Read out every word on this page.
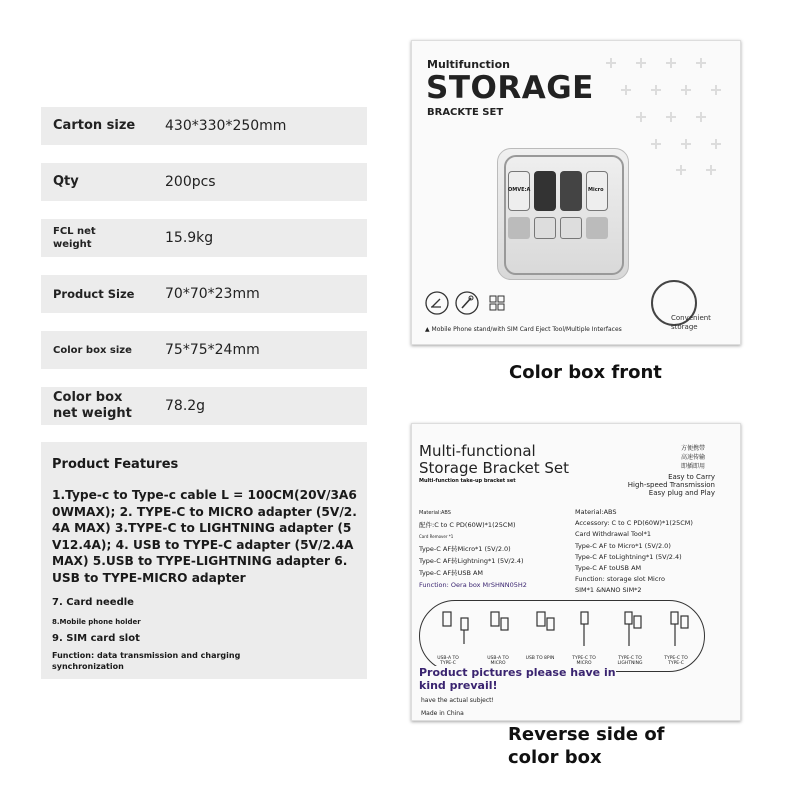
Carton size 430*330*250mm
Qty	200pcs
FCL net weight	15.9kg
Product Size 70*70*23mm
Color box size 75*75*24mm
Color box net weight	78.2g
Product Features
1.Type-c to Type-c cable L = 100CM(20V/3A60WMAX); 2. TYPE-C to MICRO adapter (5V/2.4A MAX) 3.TYPE-C to LIGHTNING adapter (5V12.4A); 4. USB to TYPE-C adapter (5V/2.4A MAX) 5.USB to TYPE-LIGHTNING adapter 6. USB to TYPE-MICRO adapter
7. Card needle
8.Mobile phone holder
9. SIM card slot
Function: data transmission and charging synchronization
Multifunction
STORAGE
BRACKTE SET
OMVE:A	Micro
Convenient storage
▲ Mobile Phone stand/with SIM Card Eject Tool/Multiple Interfaces
Color box front
Multi-functional
Storage Bracket Set
Multi-function take-up bracket set
方便携带
高速传输
即插即用
Easy to Carry
High-speed Transmission
Easy plug and Play
Material:ABS
配件:C to C PD(60W)*1(25CM)
Card Remover *1
Type-C AF转Micro*1 (5V/2.0)
Type-C AF转Lightning*1 (5V/2.4)
Type-C AF转USB AM
Function: Oera box MrSHNN05H2
Material:ABS
Accessory: C to C PD(60W)*1(25CM)
Card Withdrawal Tool*1
Type-C AF to Micro*1 (5V/2.0)
Type-C AF toLightning*1 (5V/2.4)
Type-C AF toUSB AM
Function: storage slot Micro
SIM*1 &NANO SIM*2
USB-A TO TYPE-C
USB-A TO MICRO
USB TO 8PIN	TYPE-C TO MICRO
TYPE-C TO LIGHTNING
TYPE-C TO TYPE-C
Product pictures please have in
kind prevail!
have the actual subject!
Made in China
Reverse side of
color box
